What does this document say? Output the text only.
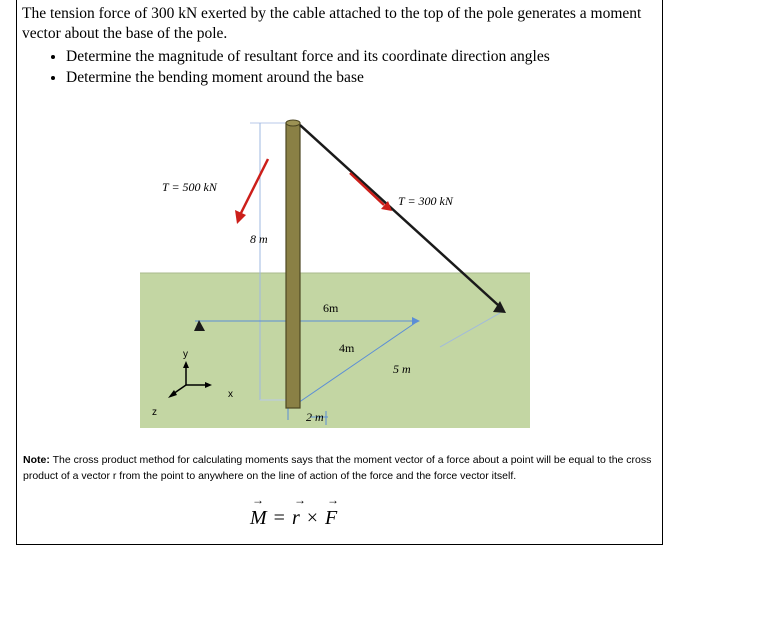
The tension force of 300 kN exerted by the cable attached to the top of the pole generates a moment vector about the base of the pole.

• Determine the magnitude of resultant force and its coordinate direction angles
• Determine the bending moment around the base
T = 500 kN
T = 300 kN
8 m
6m
4m
5 m
2 m
y
x
z
Note: The cross product method for calculating moments says that the moment vector of a force about a point will be equal to the cross product of a vector r from the point to anywhere on the line of action of the force and the force vector itself.
→ M = → r × → F
